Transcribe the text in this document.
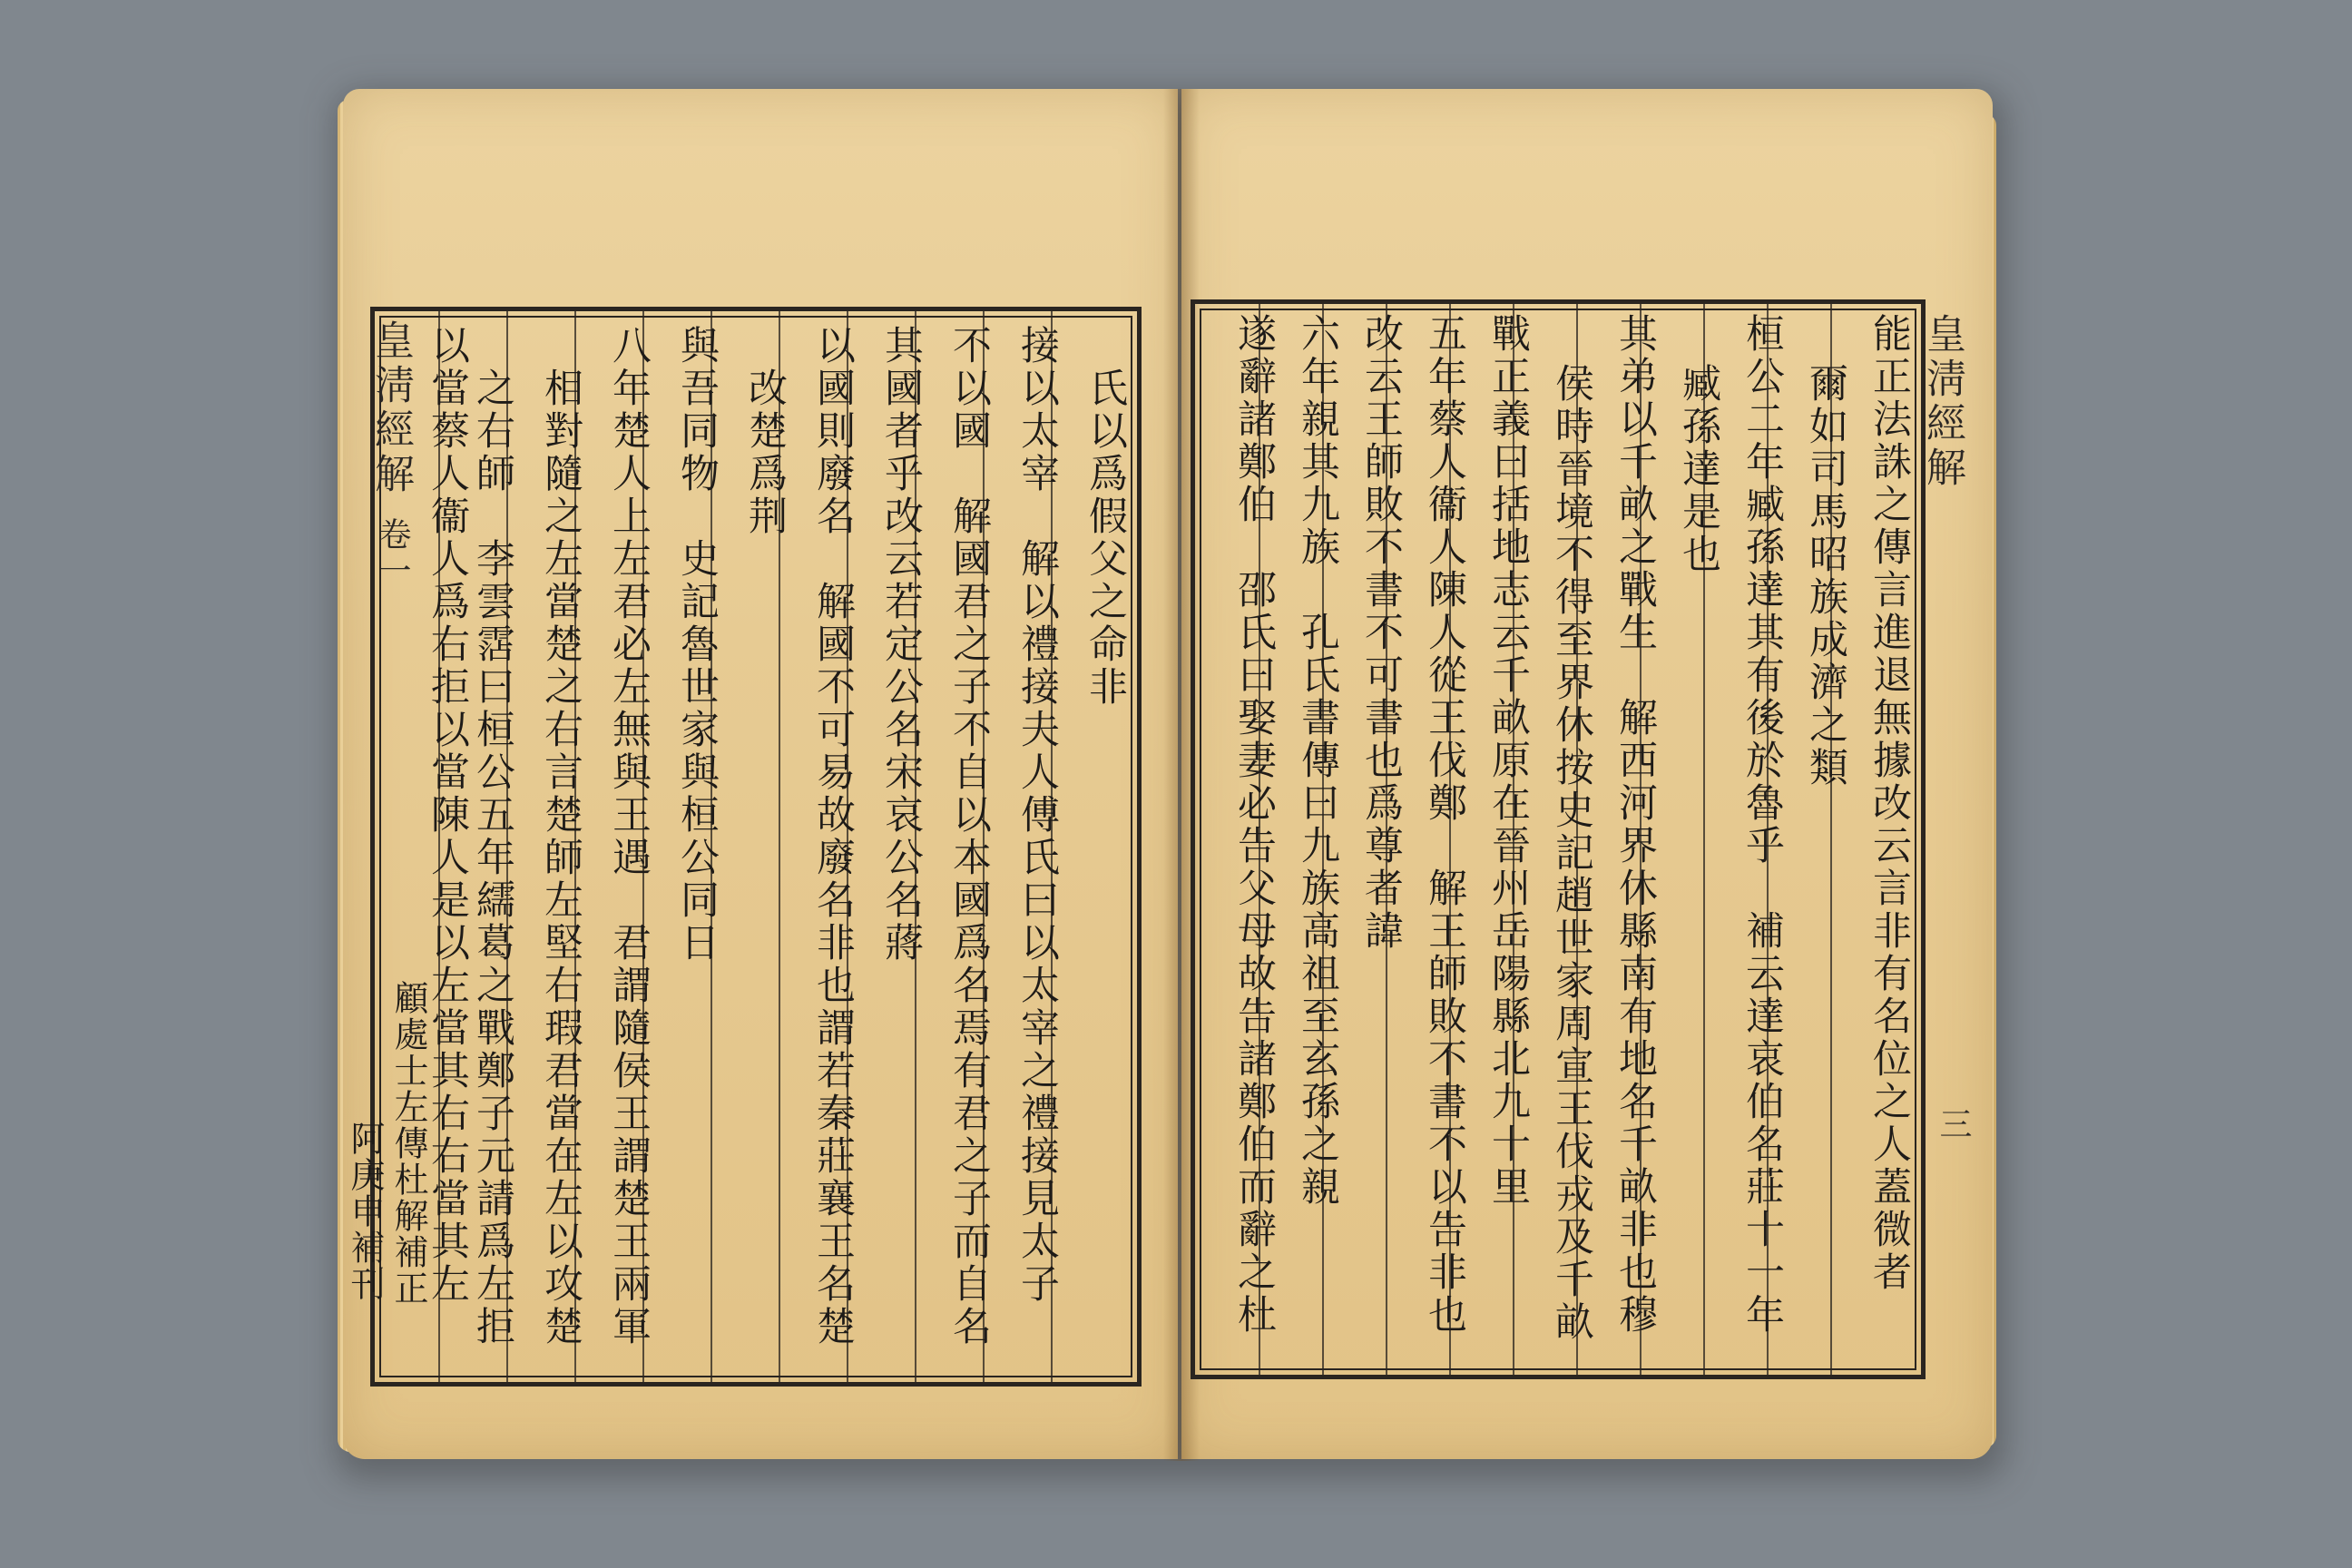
皇淸經解
卷一	氏以爲假父之命非
接以太宰　解以禮接夫人傅氏曰以太宰之禮接見太子
不以國　解國君之子不自以本國爲名焉有君之子而自名
其國者乎改云若定公名宋哀公名蔣
以國則廢名　解國不可易故廢名非也謂若秦莊襄王名楚
改楚爲荆
與吾同物　史記魯世家與桓公同日
八年楚人上左君必左無與王遇　君謂隨侯王謂楚王兩軍
相對隨之左當楚之右言楚師左堅右瑕君當在左以攻楚
之右師　李雲霑曰桓公五年繻葛之戰鄭子元請爲左拒
以當蔡人衞人爲右拒以當陳人是以左當其右右當其左
顧處士左傳杜解補正
阿庚申補刊
皇淸經解
能正法誅之傳言進退無據改云言非有名位之人蓋微者
爾如司馬昭族成濟之類
桓公二年臧孫達其有後於魯乎　補云達哀伯名莊十一年
臧孫達是也
其弟以千畝之戰生　解西河界休縣南有地名千畝非也穆
侯時晉境不得至界休按史記趙世家周宣王伐戎及千畝
戰正義曰括地志云千畝原在晉州岳陽縣北九十里
五年蔡人衞人陳人從王伐鄭　解王師敗不書不以告非也
改云王師敗不書不可書也爲尊者諱
六年親其九族　孔氏書傳曰九族高祖至玄孫之親
遂辭諸鄭伯　邵氏曰娶妻必告父母故告諸鄭伯而辭之杜	三
